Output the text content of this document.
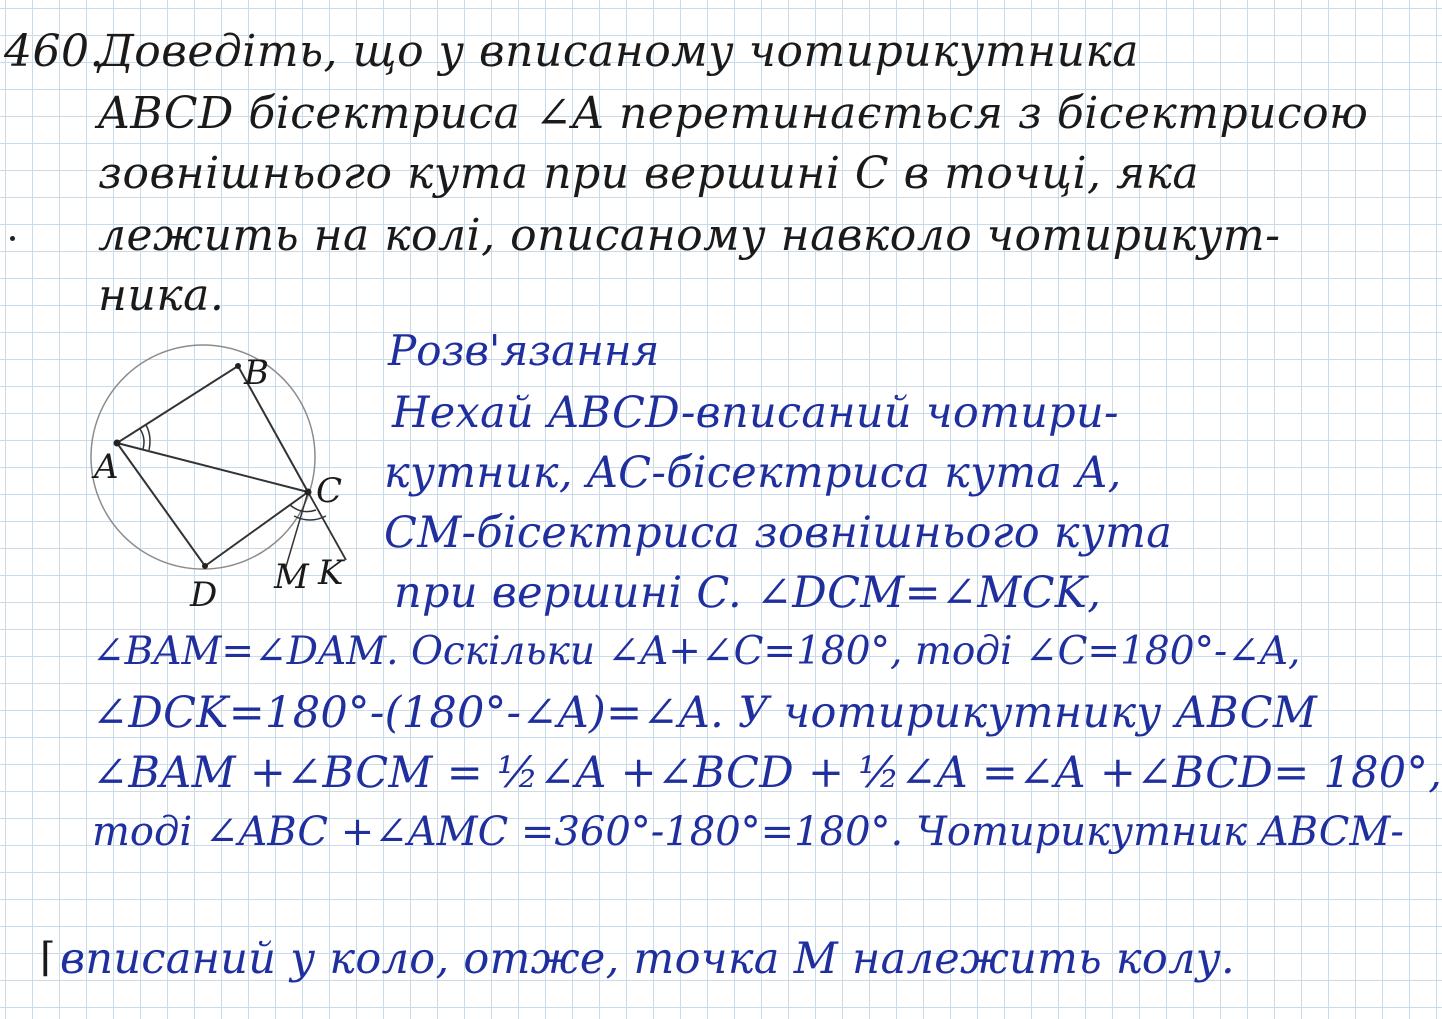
460.
Доведіть, що у вписаному чотирикутника
ABCD бісектриса ∠A перетинається з бісектрисою
зовнішнього кута при вершині C в точці, яка
лежить на колі, описаному навколо чотирикут-
ника.
A
B
C
D M K
Розв'язання
Нехай ABCD-вписаний чотири-
кутник, AC-бісектриса кута A,
CM-бісектриса зовнішнього кута
при вершині C. ∠DCM=∠MCK,
∠BAM=∠DAM. Оскільки ∠A+∠C=180°, тоді ∠C=180°-∠A,
∠DCK=180°-(180°-∠A)=∠A. У чотирикутнику ABCM
∠BAM +∠BCM = ½∠A +∠BCD + ½∠A =∠A +∠BCD= 180°,
тоді ∠ABC +∠AMC =360°-180°=180°. Чотирикутник ABCM-
⌈ вписаний у коло, отже, точка M належить колу.
